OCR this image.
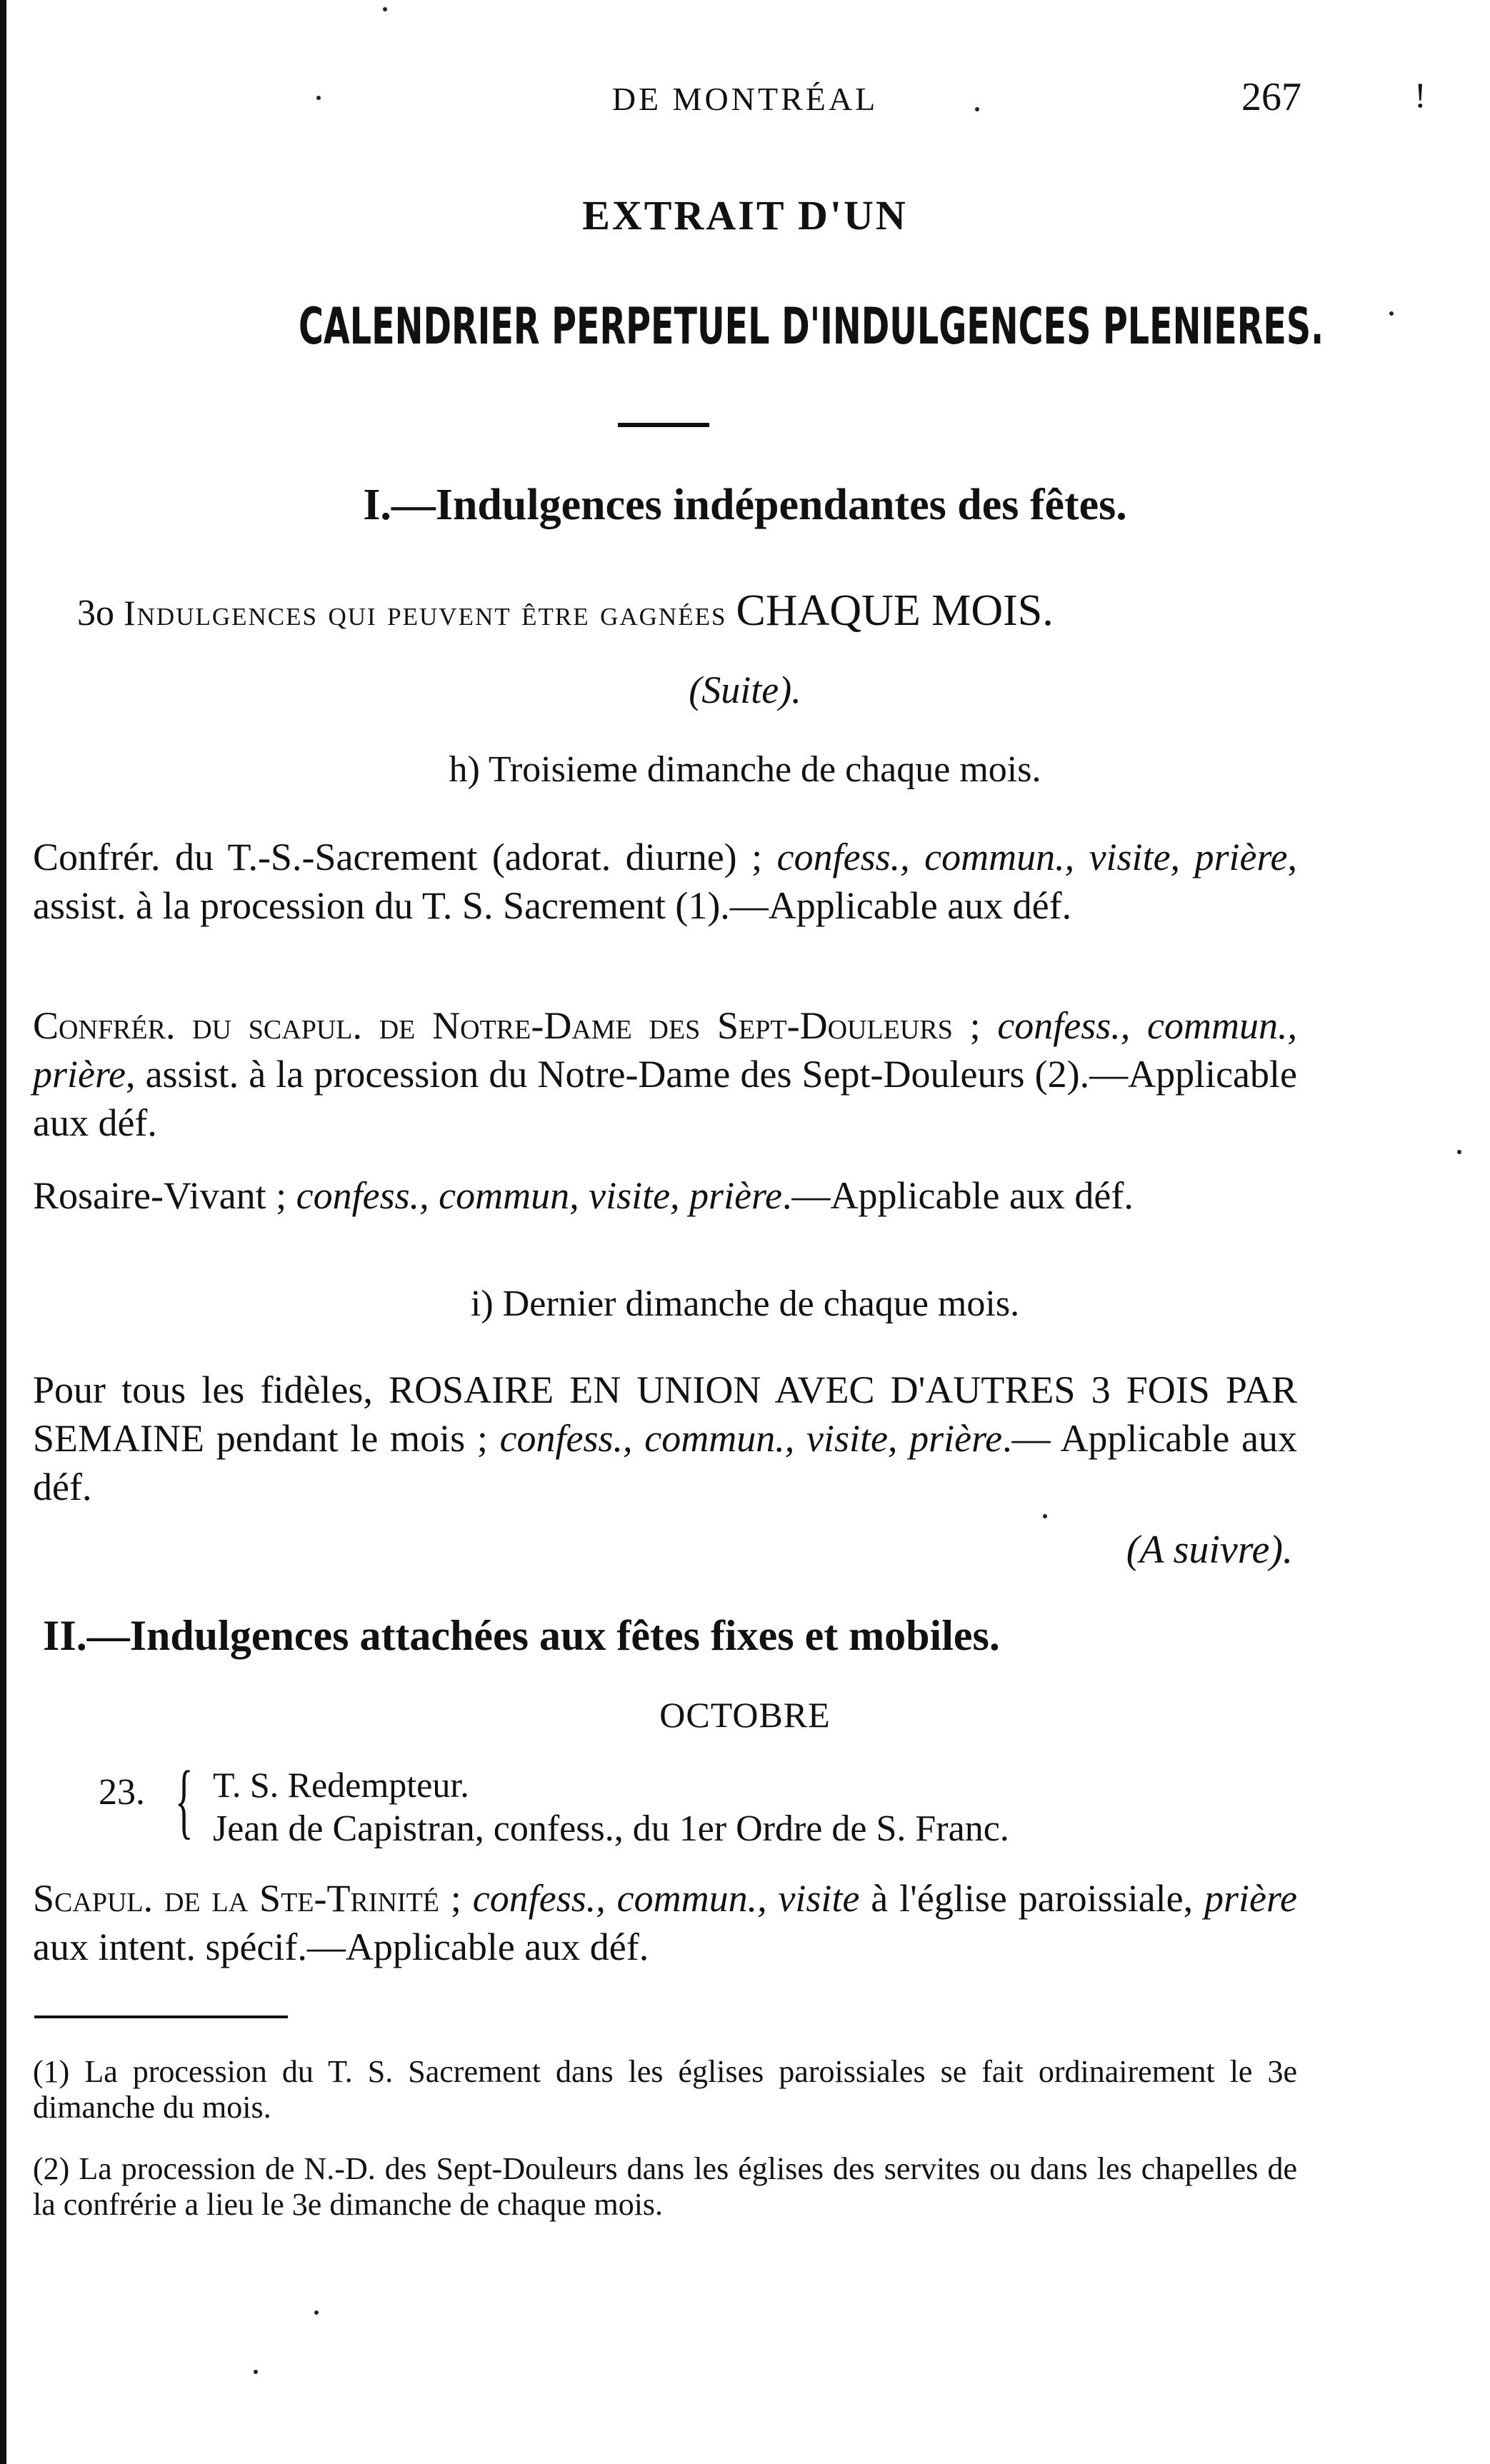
DE MONTRÉAL	267	!
EXTRAIT D'UN
CALENDRIER PERPETUEL D'INDULGENCES PLENIERES.
I.—Indulgences indépendantes des fêtes.
3o Indulgences qui peuvent être gagnées CHAQUE MOIS.
(Suite).
h) Troisieme dimanche de chaque mois.

Confrér. du T.-S.-Sacrement (adorat. diurne) ; confess., commun., visite, prière, assist. à la procession du T. S. Sacrement (1).—Applicable aux déf.

Confrér. du scapul. de Notre-Dame des Sept-Douleurs ; confess., commun., prière, assist. à la procession du Notre-Dame des Sept-Douleurs (2).—Applicable aux déf.

Rosaire-Vivant ; confess., commun, visite, prière.—Applicable aux déf.

i) Dernier dimanche de chaque mois.

Pour tous les fidèles, ROSAIRE EN UNION AVEC D'AUTRES 3 FOIS PAR SEMAINE pendant le mois ; confess., commun., visite, prière.— Applicable aux déf.

(A suivre).
II.—Indulgences attachées aux fêtes fixes et mobiles.
OCTOBRE
23. { T. S. Redempteur.
Jean de Capistran, confess., du 1er Ordre de S. Franc.

Scapul. de la Ste-Trinité ; confess., commun., visite à l'église paroissiale, prière aux intent. spécif.—Applicable aux déf.

(1) La procession du T. S. Sacrement dans les églises paroissiales se fait ordinairement le 3e dimanche du mois.

(2) La procession de N.-D. des Sept-Douleurs dans les églises des servites ou dans les chapelles de la confrérie a lieu le 3e dimanche de chaque mois.
